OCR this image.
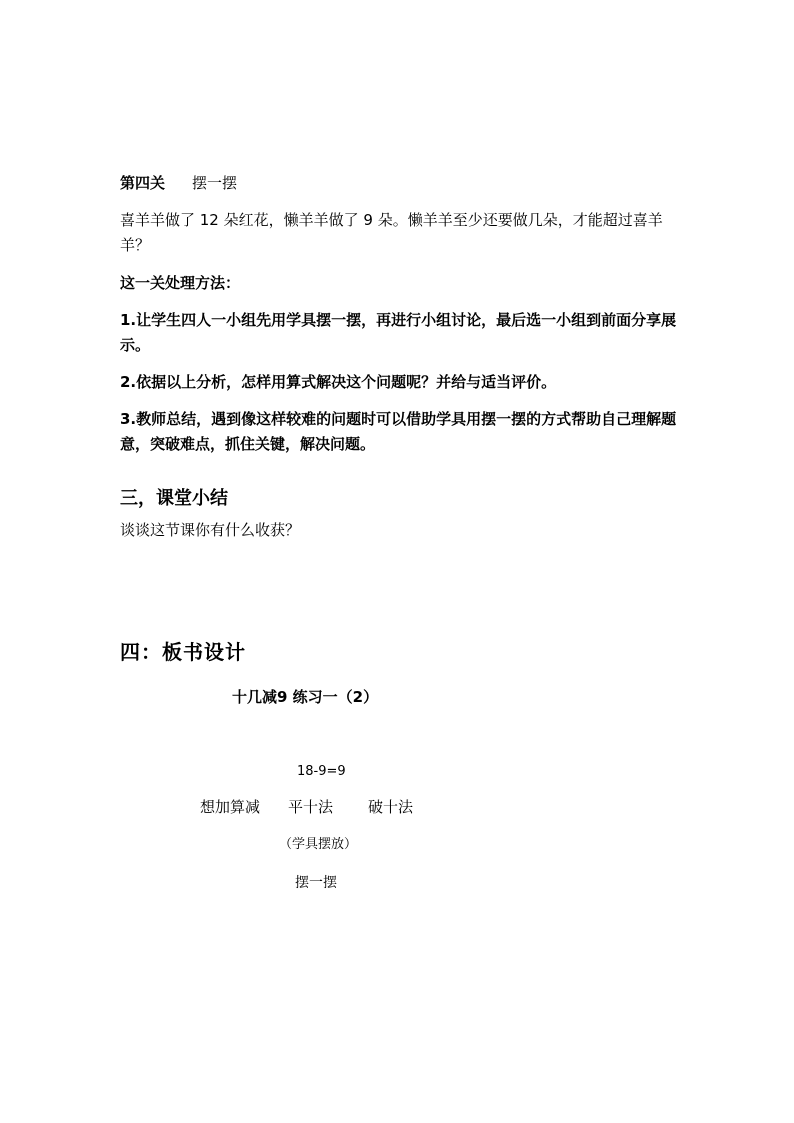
第四关 摆一摆
喜羊羊做了 12 朵红花，懒羊羊做了 9 朵。懒羊羊至少还要做几朵，才能超过喜羊羊？
这一关处理方法：
1.让学生四人一小组先用学具摆一摆，再进行小组讨论，最后选一小组到前面分享展示。
2.依据以上分析，怎样用算式解决这个问题呢？并给与适当评价。
3.教师总结，遇到像这样较难的问题时可以借助学具用摆一摆的方式帮助自己理解题意，突破难点，抓住关键，解决问题。
三，课堂小结
谈谈这节课你有什么收获？
四：板书设计
十几减9 练习一（2）
18-9=9
想加算减 平十法 破十法
（学具摆放）
摆一摆
